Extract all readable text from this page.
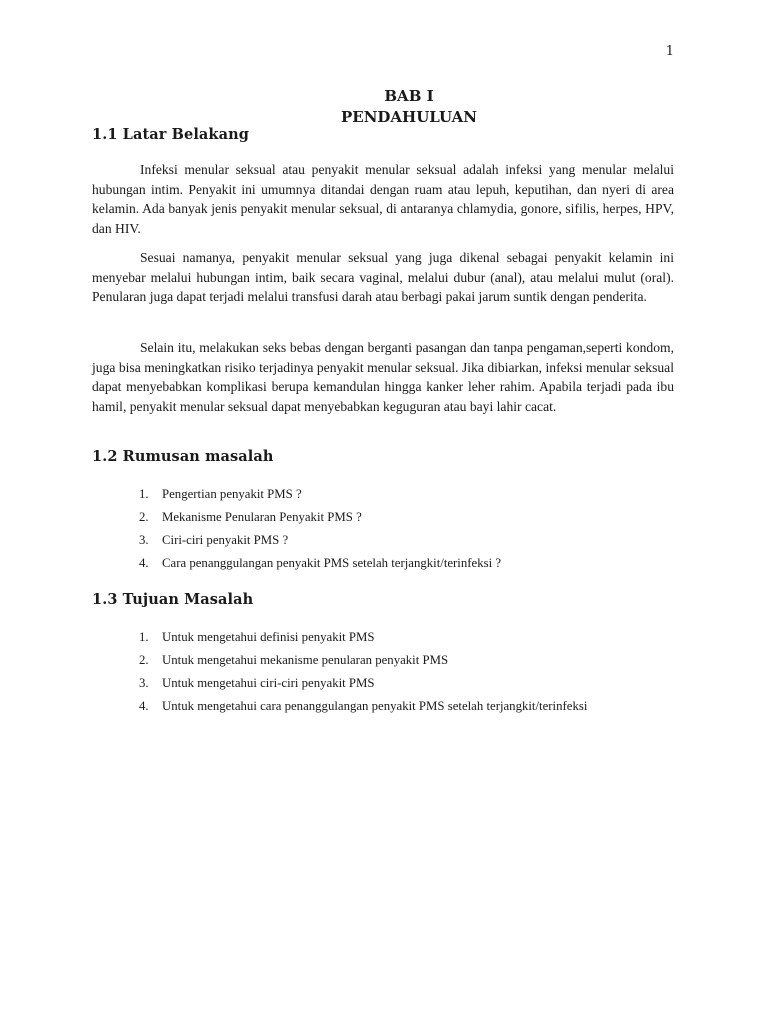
1
BAB I
PENDAHULUAN
1.1 Latar Belakang

Infeksi menular seksual atau penyakit menular seksual adalah infeksi yang menular melalui hubungan intim. Penyakit ini umumnya ditandai dengan ruam atau lepuh, keputihan, dan nyeri di area kelamin. Ada banyak jenis penyakit menular seksual, di antaranya chlamydia, gonore, sifilis, herpes, HPV, dan HIV.

Sesuai namanya, penyakit menular seksual yang juga dikenal sebagai penyakit kelamin ini menyebar melalui hubungan intim, baik secara vaginal, melalui dubur (anal), atau melalui mulut (oral). Penularan juga dapat terjadi melalui transfusi darah atau berbagi pakai jarum suntik dengan penderita.

Selain itu, melakukan seks bebas dengan berganti pasangan dan tanpa pengaman,seperti kondom, juga bisa meningkatkan risiko terjadinya penyakit menular seksual. Jika dibiarkan, infeksi menular seksual dapat menyebabkan komplikasi berupa kemandulan hingga kanker leher rahim. Apabila terjadi pada ibu hamil, penyakit menular seksual dapat menyebabkan keguguran atau bayi lahir cacat.

1.2 Rumusan masalah
1.	Pengertian penyakit PMS ?
2.	Mekanisme Penularan Penyakit PMS ?
3.	Ciri-ciri penyakit PMS ?
4.	Cara penanggulangan penyakit PMS setelah terjangkit/terinfeksi ?
1.3 Tujuan Masalah
1.	Untuk mengetahui definisi penyakit PMS
2.	Untuk mengetahui mekanisme penularan penyakit PMS
3.	Untuk mengetahui ciri-ciri penyakit PMS
4.	Untuk mengetahui cara penanggulangan penyakit PMS setelah terjangkit/terinfeksi
